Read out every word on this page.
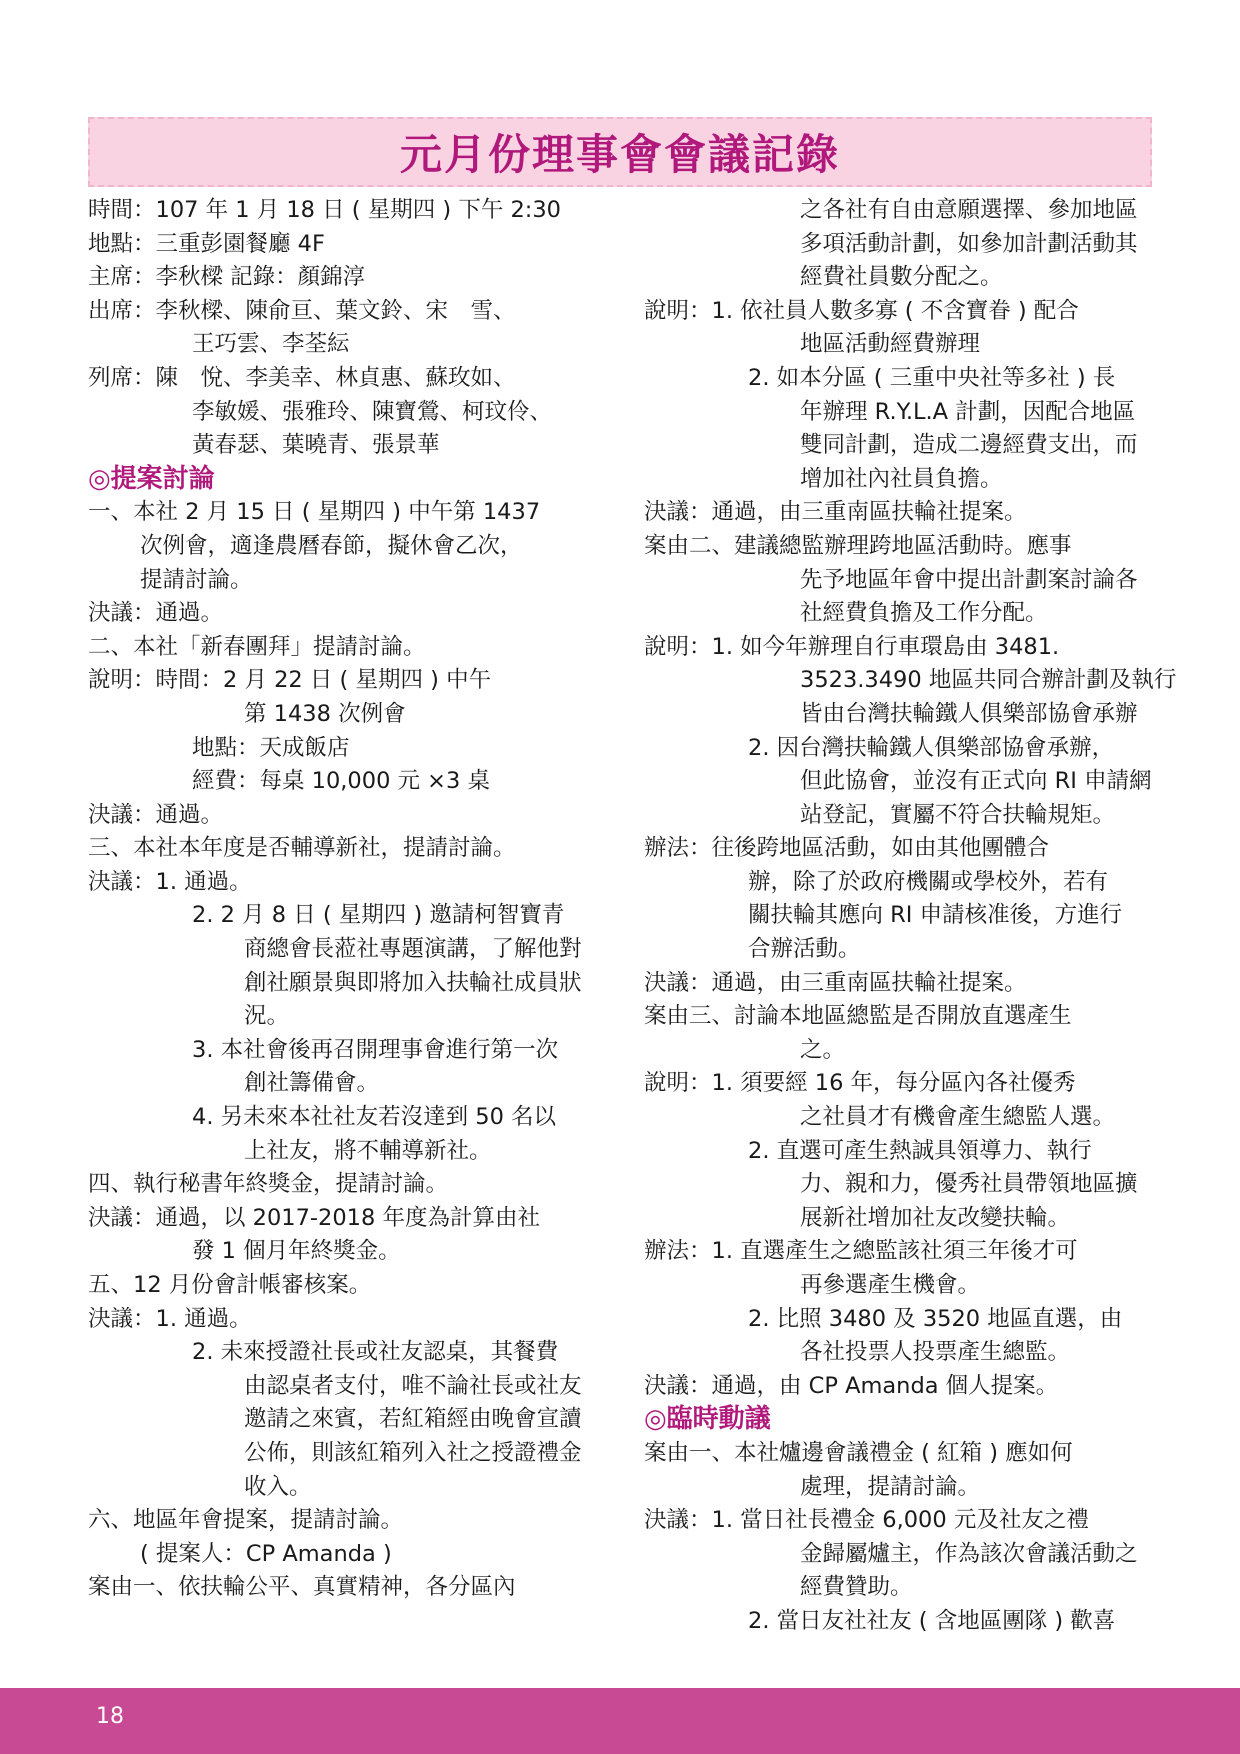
元月份理事會會議記錄
時間：107 年 1 月 18 日 ( 星期四 ) 下午 2:30
地點：三重彭園餐廳 4F
主席：李秋樑 記錄：顏錦淳
出席：李秋樑、陳俞亘、葉文鈴、宋　雪、
王巧雲、李荃紜
列席：陳　悅、李美幸、林貞惠、蘇玫如、
李敏媛、張雅玲、陳寶鶯、柯玟伶、
黃春瑟、葉曉青、張景華
◎提案討論
一、本社 2 月 15 日 ( 星期四 ) 中午第 1437
次例會，適逢農曆春節，擬休會乙次，
提請討論。
決議：通過。
二、本社「新春團拜」提請討論。
說明：時間：2 月 22 日 ( 星期四 ) 中午
第 1438 次例會
地點：天成飯店
經費：每桌 10,000 元 ×3 桌
決議：通過。
三、本社本年度是否輔導新社，提請討論。
決議：1. 通過。
2. 2 月 8 日 ( 星期四 ) 邀請柯智寶青
商總會長蒞社專題演講，了解他對
創社願景與即將加入扶輪社成員狀
況。
3. 本社會後再召開理事會進行第一次
創社籌備會。
4. 另未來本社社友若沒達到 50 名以
上社友，將不輔導新社。
四、執行秘書年終獎金，提請討論。
決議：通過，以 2017-2018 年度為計算由社
發 1 個月年終獎金。
五、12 月份會計帳審核案。
決議：1. 通過。
2. 未來授證社長或社友認桌，其餐費
由認桌者支付，唯不論社長或社友
邀請之來賓，若紅箱經由晚會宣讀
公佈，則該紅箱列入社之授證禮金
收入。
六、地區年會提案，提請討論。
( 提案人：CP Amanda )
案由一、依扶輪公平、真實精神，各分區內
之各社有自由意願選擇、參加地區
多項活動計劃，如參加計劃活動其
經費社員數分配之。
說明：1. 依社員人數多寡 ( 不含寶眷 ) 配合
地區活動經費辦理
2. 如本分區 ( 三重中央社等多社 ) 長
年辦理 R.Y.L.A 計劃，因配合地區
雙同計劃，造成二邊經費支出，而
增加社內社員負擔。
決議：通過，由三重南區扶輪社提案。
案由二、建議總監辦理跨地區活動時。應事
先予地區年會中提出計劃案討論各
社經費負擔及工作分配。
說明：1. 如今年辦理自行車環島由 3481.
3523.3490 地區共同合辦計劃及執行
皆由台灣扶輪鐵人俱樂部協會承辦
2. 因台灣扶輪鐵人俱樂部協會承辦，
但此協會，並沒有正式向 RI 申請網
站登記，實屬不符合扶輪規矩。
辦法：往後跨地區活動，如由其他團體合
辦，除了於政府機關或學校外，若有
關扶輪其應向 RI 申請核准後，方進行
合辦活動。
決議：通過，由三重南區扶輪社提案。
案由三、討論本地區總監是否開放直選產生
之。
說明：1. 須要經 16 年，每分區內各社優秀
之社員才有機會產生總監人選。
2. 直選可產生熱誠具領導力、執行
力、親和力，優秀社員帶領地區擴
展新社增加社友改變扶輪。
辦法：1. 直選產生之總監該社須三年後才可
再參選產生機會。
2. 比照 3480 及 3520 地區直選，由
各社投票人投票產生總監。
決議：通過，由 CP Amanda 個人提案。
◎臨時動議
案由一、本社爐邊會議禮金 ( 紅箱 ) 應如何
處理，提請討論。
決議：1. 當日社長禮金 6,000 元及社友之禮
金歸屬爐主，作為該次會議活動之
經費贊助。
2. 當日友社社友 ( 含地區團隊 ) 歡喜
18
